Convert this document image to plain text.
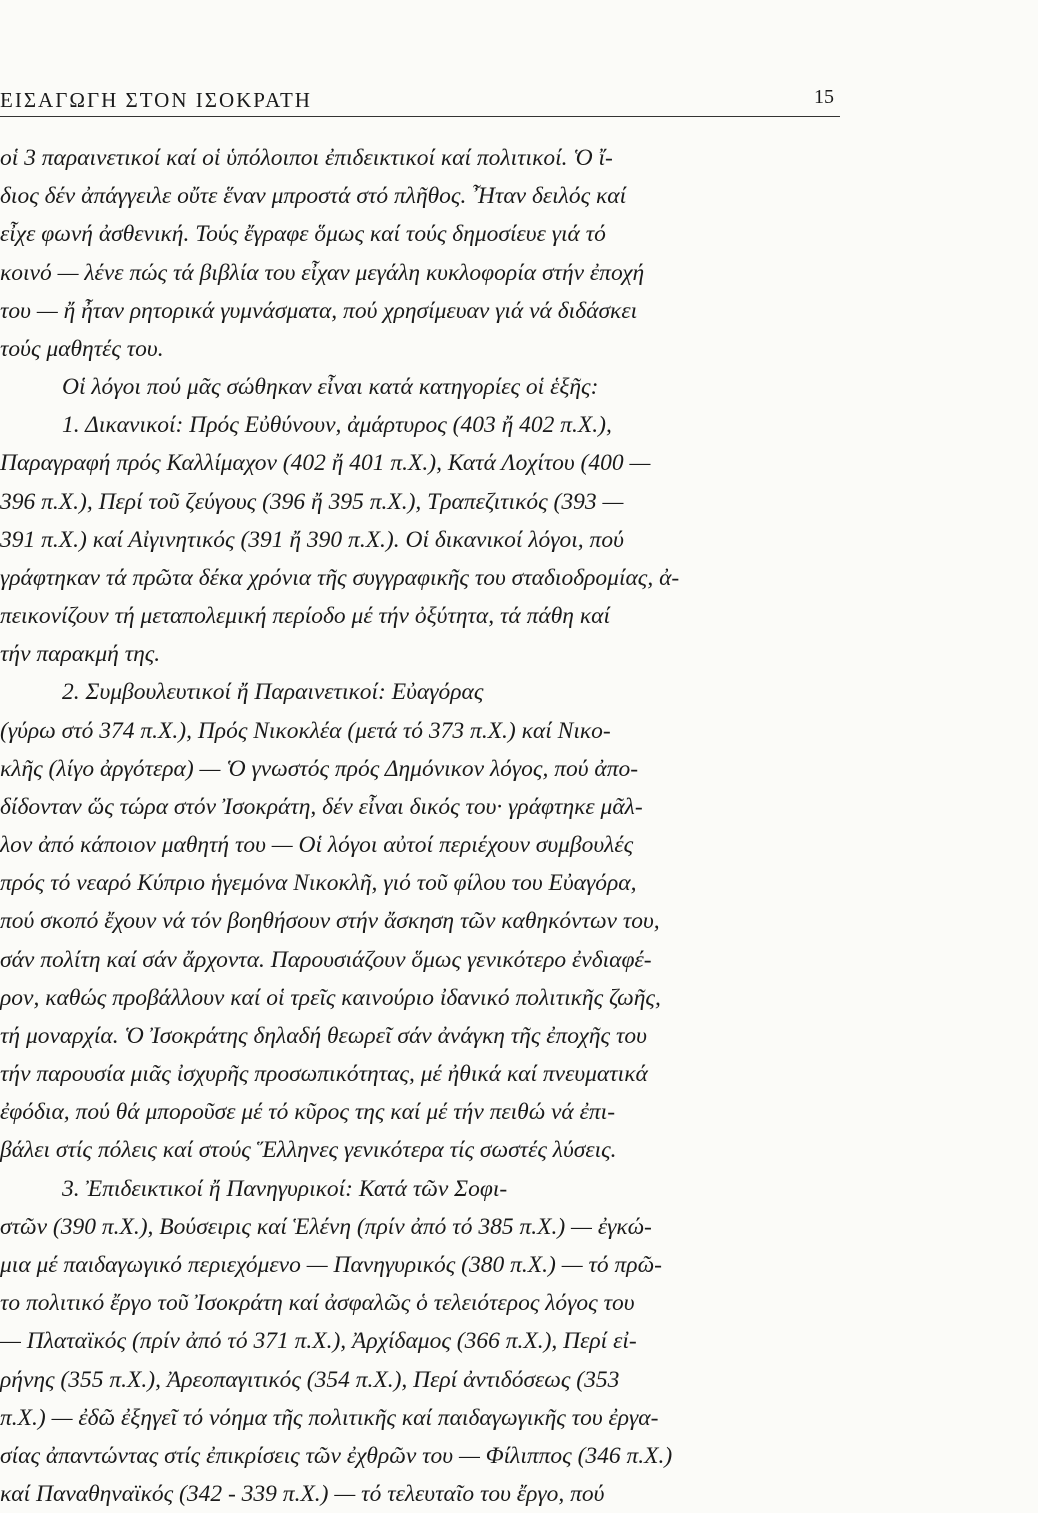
ΕΙΣΑΓΩΓΗ ΣΤΟΝ ΙΣΟΚΡΑΤΗ	15
οἱ 3 παραινετικοί καί οἱ ὑπόλοιποι ἐπιδεικτικοί καί πολιτικοί. Ὁ ἴ-
διος δέν ἀπάγγειλε οὔτε ἕναν μπροστά στό πλῆθος. Ἦταν δειλός καί
εἶχε φωνή ἀσθενική. Τούς ἔγραφε ὅμως καί τούς δημοσίευε γιά τό
κοινό — λένε πώς τά βιβλία του εἶχαν μεγάλη κυκλοφορία στήν ἐποχή
του — ἤ ἦταν ρητορικά γυμνάσματα, πού χρησίμευαν γιά νά διδάσκει
τούς μαθητές του.
Οἱ λόγοι πού μᾶς σώθηκαν εἶναι κατά κατηγορίες οἱ ἑξῆς:
1. Δικανικοί: Πρός Εὐθύνουν, ἀμάρτυρος (403 ἤ 402 π.Χ.),
Παραγραφή πρός Καλλίμαχον (402 ἤ 401 π.Χ.), Κατά Λοχίτου (400 —
396 π.Χ.), Περί τοῦ ζεύγους (396 ἤ 395 π.Χ.), Τραπεζιτικός (393 —
391 π.Χ.) καί Αἰγινητικός (391 ἤ 390 π.Χ.). Οἱ δικανικοί λόγοι, πού
γράφτηκαν τά πρῶτα δέκα χρόνια τῆς συγγραφικῆς του σταδιοδρομίας, ἀ-
πεικονίζουν τή μεταπολεμική περίοδο μέ τήν ὀξύτητα, τά πάθη καί
τήν παρακμή της.
2. Συμβουλευτικοί ἤ Παραινετικοί: Εὐαγόρας
(γύρω στό 374 π.Χ.), Πρός Νικοκλέα (μετά τό 373 π.Χ.) καί Νικο-
κλῆς (λίγο ἀργότερα) — Ὁ γνωστός πρός Δημόνικον λόγος, πού ἀπο-
δίδονταν ὥς τώρα στόν Ἰσοκράτη, δέν εἶναι δικός του· γράφτηκε μᾶλ-
λον ἀπό κάποιον μαθητή του — Οἱ λόγοι αὐτοί περιέχουν συμβουλές
πρός τό νεαρό Κύπριο ἡγεμόνα Νικοκλῆ, γιό τοῦ φίλου του Εὐαγόρα,
πού σκοπό ἔχουν νά τόν βοηθήσουν στήν ἄσκηση τῶν καθηκόντων του,
σάν πολίτη καί σάν ἄρχοντα. Παρουσιάζουν ὅμως γενικότερο ἐνδιαφέ-
ρον, καθώς προβάλλουν καί οἱ τρεῖς καινούριο ἰδανικό πολιτικῆς ζωῆς,
τή μοναρχία. Ὁ Ἰσοκράτης δηλαδή θεωρεῖ σάν ἀνάγκη τῆς ἐποχῆς του
τήν παρουσία μιᾶς ἰσχυρῆς προσωπικότητας, μέ ἠθικά καί πνευματικά
ἐφόδια, πού θά μποροῦσε μέ τό κῦρος της καί μέ τήν πειθώ νά ἐπι-
βάλει στίς πόλεις καί στούς Ἕλληνες γενικότερα τίς σωστές λύσεις.
3. Ἐπιδεικτικοί ἤ Πανηγυρικοί: Κατά τῶν Σοφι-
στῶν (390 π.Χ.), Βούσειρις καί Ἑλένη (πρίν ἀπό τό 385 π.Χ.) — ἐγκώ-
μια μέ παιδαγωγικό περιεχόμενο — Πανηγυρικός (380 π.Χ.) — τό πρῶ-
το πολιτικό ἔργο τοῦ Ἰσοκράτη καί ἀσφαλῶς ὁ τελειότερος λόγος του
— Πλαταϊκός (πρίν ἀπό τό 371 π.Χ.), Ἀρχίδαμος (366 π.Χ.), Περί εἰ-
ρήνης (355 π.Χ.), Ἀρεοπαγιτικός (354 π.Χ.), Περί ἀντιδόσεως (353
π.Χ.) — ἐδῶ ἐξηγεῖ τό νόημα τῆς πολιτικῆς καί παιδαγωγικῆς του ἐργα-
σίας ἀπαντώντας στίς ἐπικρίσεις τῶν ἐχθρῶν του — Φίλιππος (346 π.Χ.)
καί Παναθηναϊκός (342 - 339 π.Χ.) — τό τελευταῖο του ἔργο, πού
